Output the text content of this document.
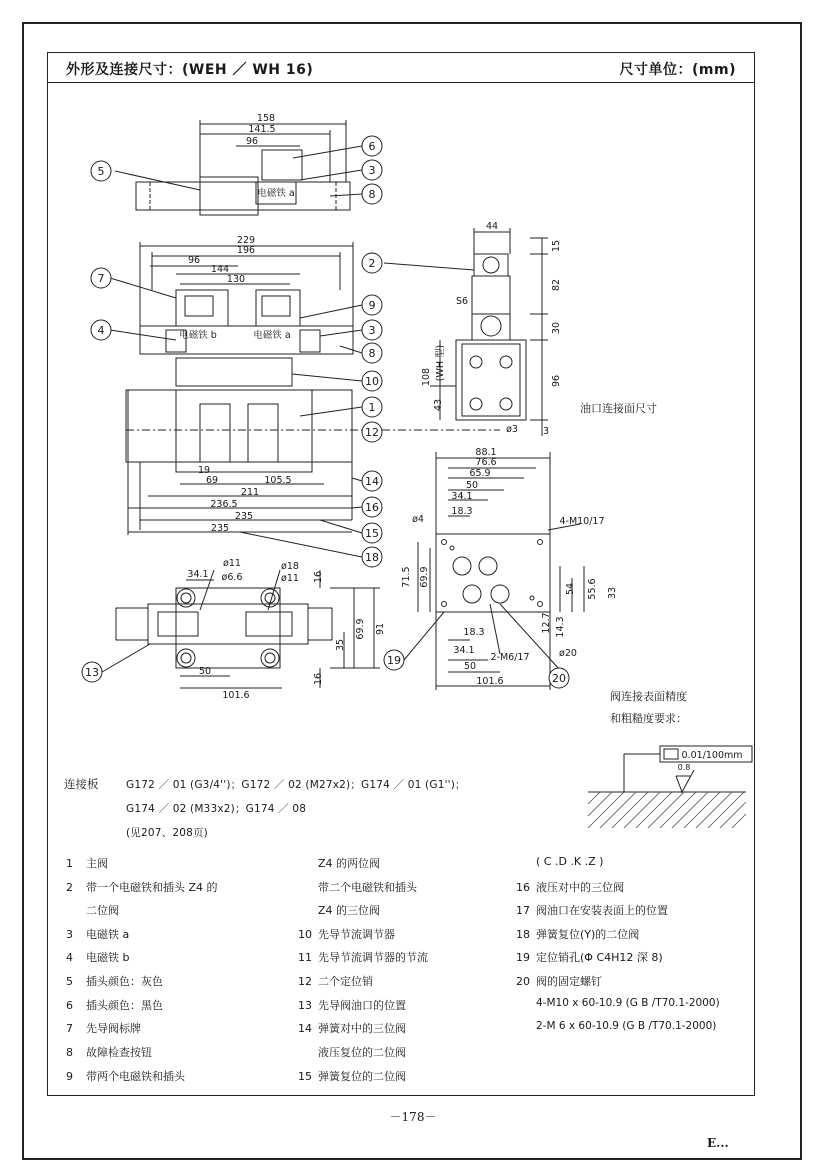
外形及连接尺寸：(WEH ／ WH 16)	尺寸单位：(mm)
5
6
3
8
7
4
9
3
8
10
1
12
14
16
15
18
2
13
19
20
158
141.5
96
电磁铁 a
229
196
96
144
130
电磁铁 b	电磁铁 a
19
69	105.5
211
236.5
235
235
44
15
82
30
108 (WH 型)
43
96
3
ø3
S6
88.1
76.6
65.9
50
34.1
18.3
ø4	4-M10/17
71.5 69.9
54 55.6 33
12.7 14.3
18.3
34.1
50
101.6
2-M6/17	ø20
34.1
ø11
ø6.6
ø18
ø11 16
69.9 91
35
16
50
101.6
0.01/100mm
0.8
油口连接面尺寸
阀连接表面精度
和粗糙度要求：
连接板	G172 ／ 01 (G3/4'')；G172 ／ 02 (M27x2)；G174 ／ 01 (G1'')；
G174 ／ 02 (M33x2)；G174 ／ 08
(见207、208页)
1 主阀
2 带一个电磁铁和插头 Z4 的
二位阀
3 电磁铁 a
4 电磁铁 b
5 插头颜色：灰色
6 插头颜色：黑色
7 先导阀标牌
8 故障检查按钮
9 带两个电磁铁和插头
Z4 的两位阀
带二个电磁铁和插头
Z4 的三位阀
10 先导节流调节器
11 先导节流调节器的节流
12 二个定位销
13 先导阀油口的位置
14 弹簧对中的三位阀
液压复位的二位阀
15 弹簧复位的二位阀
( C .D .K .Z )
16 液压对中的三位阀
17 阀油口在安装表面上的位置
18 弹簧复位(Y)的二位阀
19 定位销孔(Φ C4H12 深 8)
20 阀的固定螺钉
4-M10 x 60-10.9 (G B /T70.1-2000)
2-M 6 x 60-10.9 (G B /T70.1-2000)
－178－
E...
